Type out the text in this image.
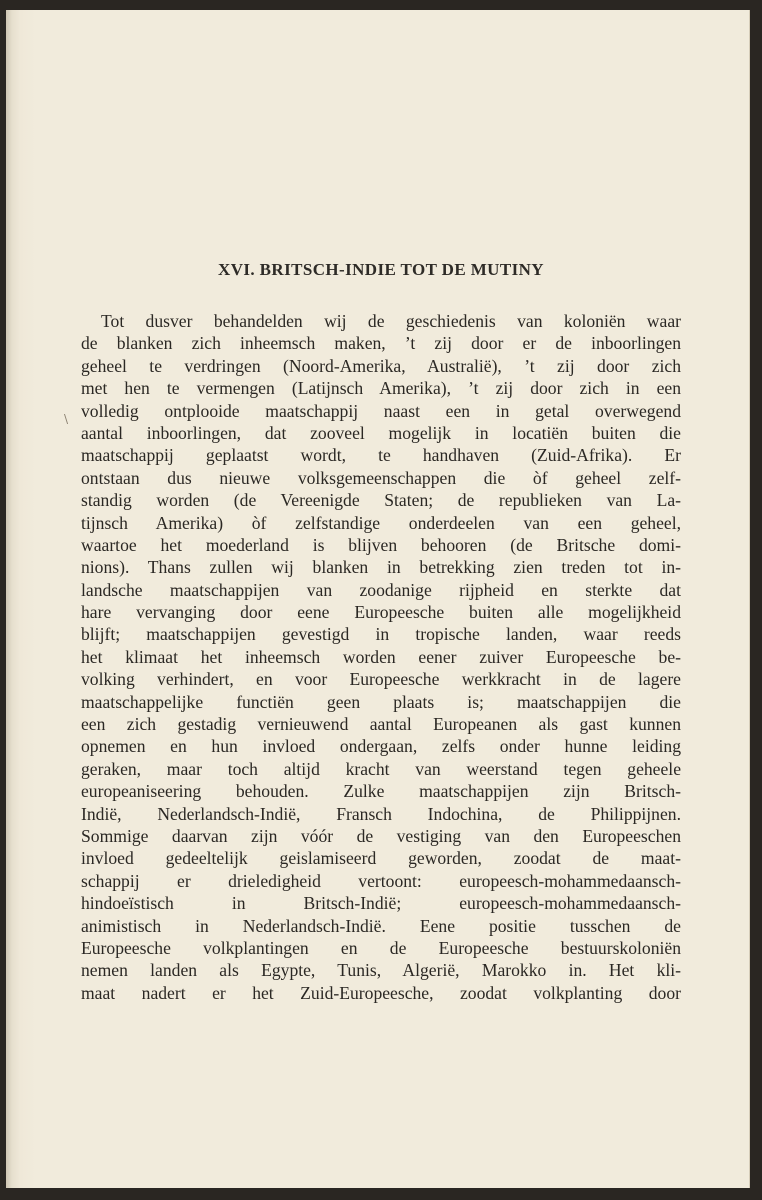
\
XVI. BRITSCH-INDIE TOT DE MUTINY
Tot dusver behandelden wij de geschiedenis van koloniën waar
de blanken zich inheemsch maken, ’t zij door er de inboorlingen
geheel te verdringen (Noord-Amerika, Australië), ’t zij door zich
met hen te vermengen (Latijnsch Amerika), ’t zij door zich in een
volledig ontplooide maatschappij naast een in getal overwegend
aantal inboorlingen, dat zooveel mogelijk in locatiën buiten die
maatschappij geplaatst wordt, te handhaven (Zuid-Afrika). Er
ontstaan dus nieuwe volksgemeenschappen die òf geheel zelf-
standig worden (de Vereenigde Staten; de republieken van La-
tijnsch Amerika) òf zelfstandige onderdeelen van een geheel,
waartoe het moederland is blijven behooren (de Britsche domi-
nions). Thans zullen wij blanken in betrekking zien treden tot in-
landsche maatschappijen van zoodanige rijpheid en sterkte dat
hare vervanging door eene Europeesche buiten alle mogelijkheid
blijft; maatschappijen gevestigd in tropische landen, waar reeds
het klimaat het inheemsch worden eener zuiver Europeesche be-
volking verhindert, en voor Europeesche werkkracht in de lagere
maatschappelijke functiën geen plaats is; maatschappijen die
een zich gestadig vernieuwend aantal Europeanen als gast kunnen
opnemen en hun invloed ondergaan, zelfs onder hunne leiding
geraken, maar toch altijd kracht van weerstand tegen geheele
europeaniseering behouden. Zulke maatschappijen zijn Britsch-
Indië, Nederlandsch-Indië, Fransch Indochina, de Philippijnen.
Sommige daarvan zijn vóór de vestiging van den Europeeschen
invloed gedeeltelijk geislamiseerd geworden, zoodat de maat-
schappij er drieledigheid vertoont: europeesch-mohammedaansch-
hindoeïstisch in Britsch-Indië; europeesch-mohammedaansch-
animistisch in Nederlandsch-Indië. Eene positie tusschen de
Europeesche volkplantingen en de Europeesche bestuurskoloniën
nemen landen als Egypte, Tunis, Algerië, Marokko in. Het kli-
maat nadert er het Zuid-Europeesche, zoodat volkplanting door
